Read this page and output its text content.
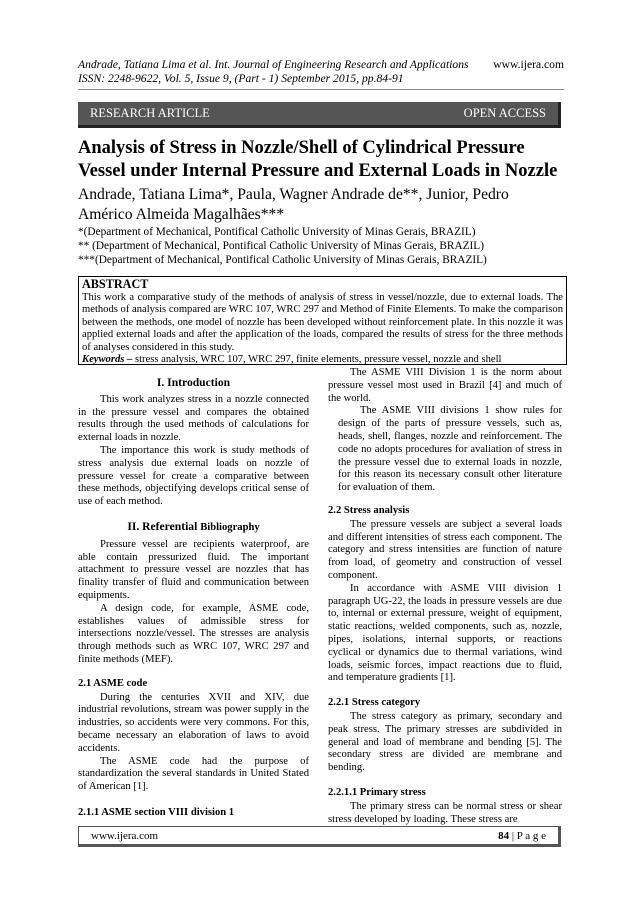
Andrade, Tatiana Lima et al. Int. Journal of Engineering Research and Applications www.ijera.com
ISSN: 2248-9622, Vol. 5, Issue 9, (Part - 1) September 2015, pp.84-91
RESEARCH ARTICLE	OPEN ACCESS
Analysis of Stress in Nozzle/Shell of Cylindrical Pressure Vessel under Internal Pressure and External Loads in Nozzle
Andrade, Tatiana Lima*, Paula, Wagner Andrade de**, Junior, Pedro Américo Almeida Magalhães***
*(Department of Mechanical, Pontifical Catholic University of Minas Gerais, BRAZIL)
** (Department of Mechanical, Pontifical Catholic University of Minas Gerais, BRAZIL)
***(Department of Mechanical, Pontifical Catholic University of Minas Gerais, BRAZIL)
ABSTRACT

This work a comparative study of the methods of analysis of stress in vessel/nozzle, due to external loads. The methods of analysis compared are WRC 107, WRC 297 and Method of Finite Elements. To make the comparison between the methods, one model of nozzle has been developed without reinforcement plate. In this nozzle it was applied external loads and after the application of the loads, compared the results of stress for the three methods of analyses considered in this study.

Keywords – stress analysis, WRC 107, WRC 297, finite elements, pressure vessel, nozzle and shell

I. Introduction

This work analyzes stress in a nozzle connected in the pressure vessel and compares the obtained results through the used methods of calculations for external loads in nozzle.

The importance this work is study methods of stress analysis due external loads on nozzle of pressure vessel for create a comparative between these methods, objectifying develops critical sense of use of each method.

II. Referential Bibliography

Pressure vessel are recipients waterproof, are able contain pressurized fluid. The important attachment to pressure vessel are nozzles that has finality transfer of fluid and communication between equipments.

A design code, for example, ASME code, establishes values of admissible stress for intersections nozzle/vessel. The stresses are analysis through methods such as WRC 107, WRC 297 and finite methods (MEF).

2.1 ASME code

During the centuries XVII and XIV, due industrial revolutions, stream was power supply in the industries, so accidents were very commons. For this, became necessary an elaboration of laws to avoid accidents.

The ASME code had the purpose of standardization the several standards in United Stated of American [1].

2.1.1 ASME section VIII division 1

The ASME VIII Division 1 is the norm about pressure vessel most used in Brazil [4] and much of the world.

The ASME VIII divisions 1 show rules for design of the parts of pressure vessels, such as, heads, shell, flanges, nozzle and reinforcement. The code no adopts procedures for avaliation of stress in the pressure vessel due to external loads in nozzle, for this reason its necessary consult other literature for evaluation of them.

2.2 Stress analysis

The pressure vessels are subject a several loads and different intensities of stress each component. The category and stress intensities are function of nature from load, of geometry and construction of vessel component.

In accordance with ASME VIII division 1 paragraph UG-22, the loads in pressure vessels are due to, internal or external pressure, weight of equipment, static reactions, welded components, such as, nozzle, pipes, isolations, internal supports, or reactions cyclical or dynamics due to thermal variations, wind loads, seismic forces, impact reactions due to fluid, and temperature gradients [1].

2.2.1 Stress category

The stress category as primary, secondary and peak stress. The primary stresses are subdivided in general and load of membrane and bending [5]. The secondary stress are divided are membrane and bending.

2.2.1.1 Primary stress

The primary stress can be normal stress or shear stress developed by loading. These stress are

www.ijera.com	84 | P a g e
